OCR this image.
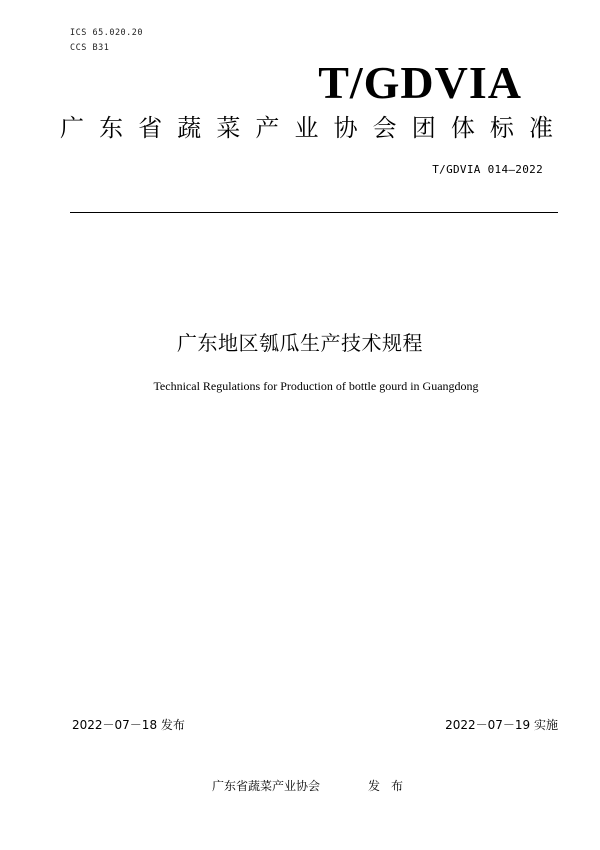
ICS 65.020.20
CCS B31
T/GDVIA
广东省蔬菜产业协会团体标准
T/GDVIA 014—2022
广东地区瓠瓜生产技术规程
Technical Regulations for Production of bottle gourd in Guangdong
2022－07－18 发布	2022－07－19 实施
广东省蔬菜产业协会	发布
